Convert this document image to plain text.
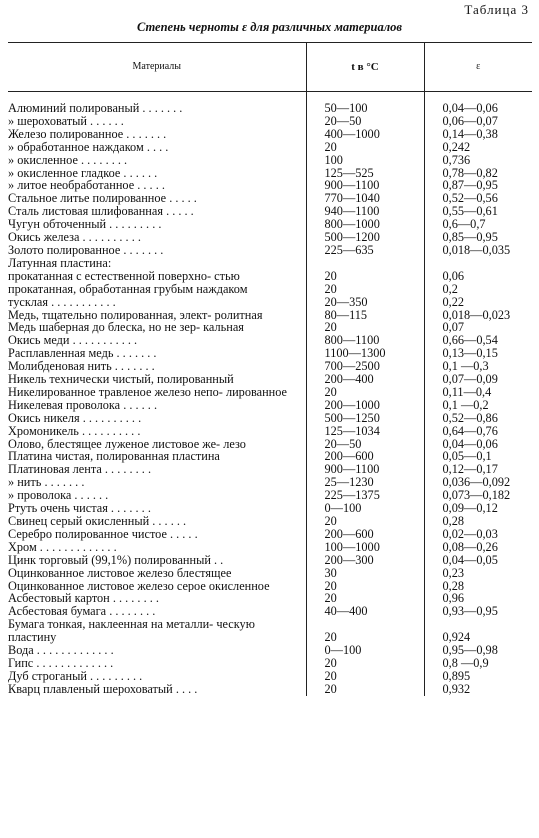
Таблица 3
Степень черноты ε для различных материалов
Материалы	t в °C	ε

Алюминий полированый . . . . . . .	50—100	0,04—0,06
» шероховатый . . . . . .	20—50	0,06—0,07
Железо полированное . . . . . . .	400—1000	0,14—0,38
» обработанное наждаком . . . .	20	0,242
» окисленное . . . . . . . .	100	0,736
» окисленное гладкое . . . . . .	125—525	0,78—0,82
» литое необработанное . . . . .	900—1100	0,87—0,95
Стальное литье полированное . . . . .	770—1040	0,52—0,56
Сталь листовая шлифованная . . . . .	940—1100	0,55—0,61
Чугун обточенный . . . . . . . . .	800—1000	0,6—0,7
Окись железа . . . . . . . . . .	500—1200	0,85—0,95
Золото полированное . . . . . . .	225—635	0,018—0,035
Латунная пластина:		
прокатанная с естественной поверхно- стью	20	0,06
прокатанная, обработанная грубым наждаком	20	0,2
тусклая . . . . . . . . . . .	20—350	0,22
Медь, тщательно полированная, элект- ролитная	80—115	0,018—0,023
Медь шаберная до блеска, но не зер- кальная	20	0,07
Окись меди . . . . . . . . . . .	800—1100	0,66—0,54
Расплавленная медь . . . . . . .	1100—1300	0,13—0,15
Молибденовая нить . . . . . . .	700—2500	0,1 —0,3
Никель технически чистый, полированный	200—400	0,07—0,09
Никелированное травленое железо непо- лированное	20	0,11—0,4
Никелевая проволока . . . . . .	200—1000	0,1 —0,2
Окись никеля . . . . . . . . . .	500—1250	0,52—0,86
Хромоникель . . . . . . . . . .	125—1034	0,64—0,76
Олово, блестящее луженое листовое же- лезо	20—50	0,04—0,06
Платина чистая, полированная пластина	200—600	0,05—0,1
Платиновая лента . . . . . . . .	900—1100	0,12—0,17
» нить . . . . . . .	25—1230	0,036—0,092
» проволока . . . . . .	225—1375	0,073—0,182
Ртуть очень чистая . . . . . . .	0—100	0,09—0,12
Свинец серый окисленный . . . . . .	20	0,28
Серебро полированное чистое . . . . .	200—600	0,02—0,03
Хром . . . . . . . . . . . . .	100—1000	0,08—0,26
Цинк торговый (99,1%) полированный . .	200—300	0,04—0,05
Оцинкованное листовое железо блестящее	30	0,23
Оцинкованное листовое железо серое окисленное	20	0,28
Асбестовый картон . . . . . . . .	20	0,96
Асбестовая бумага . . . . . . . .	40—400	0,93—0,95
Бумага тонкая, наклеенная на металли- ческую пластину	20	0,924
Вода . . . . . . . . . . . . .	0—100	0,95—0,98
Гипс . . . . . . . . . . . . .	20	0,8 —0,9
Дуб строганый . . . . . . . . .	20	0,895
Кварц плавленый шероховатый . . . .	20	0,932
